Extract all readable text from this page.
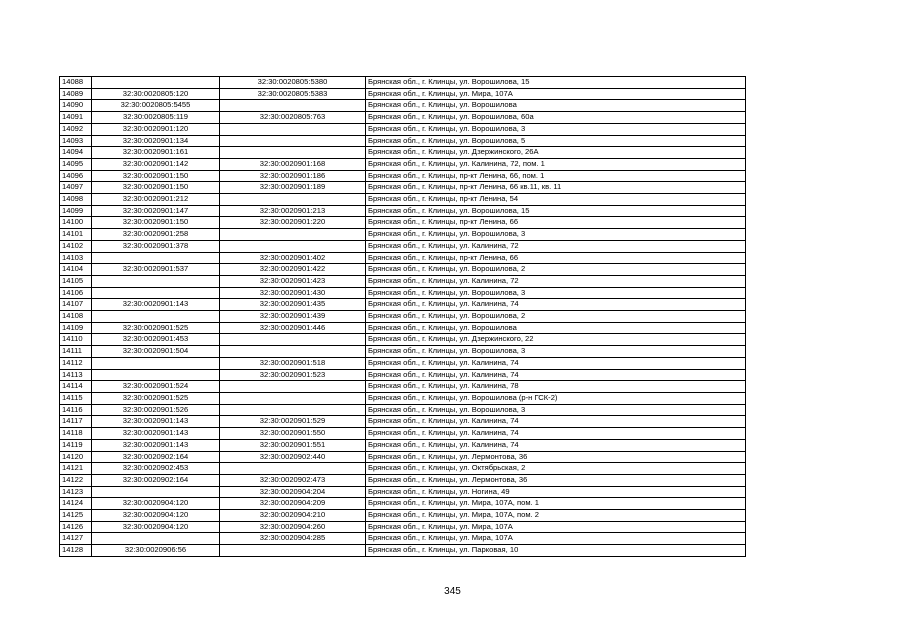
14088		32:30:0020805:5380	Брянская обл., г. Клинцы, ул. Ворошилова, 15
14089	32:30:0020805:120	32:30:0020805:5383	Брянская обл., г. Клинцы, ул. Мира, 107А
14090	32:30:0020805:5455		Брянская обл., г. Клинцы, ул. Ворошилова
14091	32:30:0020805:119	32:30:0020805:763	Брянская обл., г. Клинцы, ул. Ворошилова, 60а
14092	32:30:0020901:120		Брянская обл., г. Клинцы, ул. Ворошилова, 3
14093	32:30:0020901:134		Брянская обл., г. Клинцы, ул. Ворошилова, 5
14094	32:30:0020901:161		Брянская обл., г. Клинцы, ул. Дзержинского, 26А
14095	32:30:0020901:142	32:30:0020901:168	Брянская обл., г. Клинцы, ул. Калинина, 72, пом. 1
14096	32:30:0020901:150	32:30:0020901:186	Брянская обл., г. Клинцы, пр-кт Ленина, 66, пом. 1
14097	32:30:0020901:150	32:30:0020901:189	Брянская обл., г. Клинцы, пр-кт Ленина, 66 кв.11, кв. 11
14098	32:30:0020901:212		Брянская обл., г. Клинцы, пр-кт Ленина, 54
14099	32:30:0020901:147	32:30:0020901:213	Брянская обл., г. Клинцы, ул. Ворошилова, 15
14100	32:30:0020901:150	32:30:0020901:220	Брянская обл., г. Клинцы, пр-кт Ленина, 66
14101	32:30:0020901:258		Брянская обл., г. Клинцы, ул. Ворошилова, 3
14102	32:30:0020901:378		Брянская обл., г. Клинцы, ул. Калинина, 72
14103		32:30:0020901:402	Брянская обл., г. Клинцы, пр-кт Ленина, 66
14104	32:30:0020901:537	32:30:0020901:422	Брянская обл., г. Клинцы, ул. Ворошилова, 2
14105		32:30:0020901:423	Брянская обл., г. Клинцы, ул. Калинина, 72
14106		32:30:0020901:430	Брянская обл., г. Клинцы, ул. Ворошилова, 3
14107	32:30:0020901:143	32:30:0020901:435	Брянская обл., г. Клинцы, ул. Калинина, 74
14108		32:30:0020901:439	Брянская обл., г. Клинцы, ул. Ворошилова, 2
14109	32:30:0020901:525	32:30:0020901:446	Брянская обл., г. Клинцы, ул. Ворошилова
14110	32:30:0020901:453		Брянская обл., г. Клинцы, ул. Дзержинского, 22
14111	32:30:0020901:504		Брянская обл., г. Клинцы, ул. Ворошилова, 3
14112		32:30:0020901:518	Брянская обл., г. Клинцы, ул. Калинина, 74
14113		32:30:0020901:523	Брянская обл., г. Клинцы, ул. Калинина, 74
14114	32:30:0020901:524		Брянская обл., г. Клинцы, ул. Калинина, 78
14115	32:30:0020901:525		Брянская обл., г. Клинцы, ул. Ворошилова (р-н ГСК-2)
14116	32:30:0020901:526		Брянская обл., г. Клинцы, ул. Ворошилова, 3
14117	32:30:0020901:143	32:30:0020901:529	Брянская обл., г. Клинцы, ул. Калинина, 74
14118	32:30:0020901:143	32:30:0020901:550	Брянская обл., г. Клинцы, ул. Калинина, 74
14119	32:30:0020901:143	32:30:0020901:551	Брянская обл., г. Клинцы, ул. Калинина, 74
14120	32:30:0020902:164	32:30:0020902:440	Брянская обл., г. Клинцы, ул. Лермонтова, 36
14121	32:30:0020902:453		Брянская обл., г. Клинцы, ул. Октябрьская, 2
14122	32:30:0020902:164	32:30:0020902:473	Брянская обл., г. Клинцы, ул. Лермонтова, 36
14123		32:30:0020904:204	Брянская обл., г. Клинцы, ул. Ногина, 49
14124	32:30:0020904:120	32:30:0020904:209	Брянская обл., г. Клинцы, ул. Мира, 107А, пом. 1
14125	32:30:0020904:120	32:30:0020904:210	Брянская обл., г. Клинцы, ул. Мира, 107А, пом. 2
14126	32:30:0020904:120	32:30:0020904:260	Брянская обл., г. Клинцы, ул. Мира, 107А
14127		32:30:0020904:285	Брянская обл., г. Клинцы, ул. Мира, 107А
14128	32:30:0020906:56		Брянская обл., г. Клинцы, ул. Парковая, 10
345
